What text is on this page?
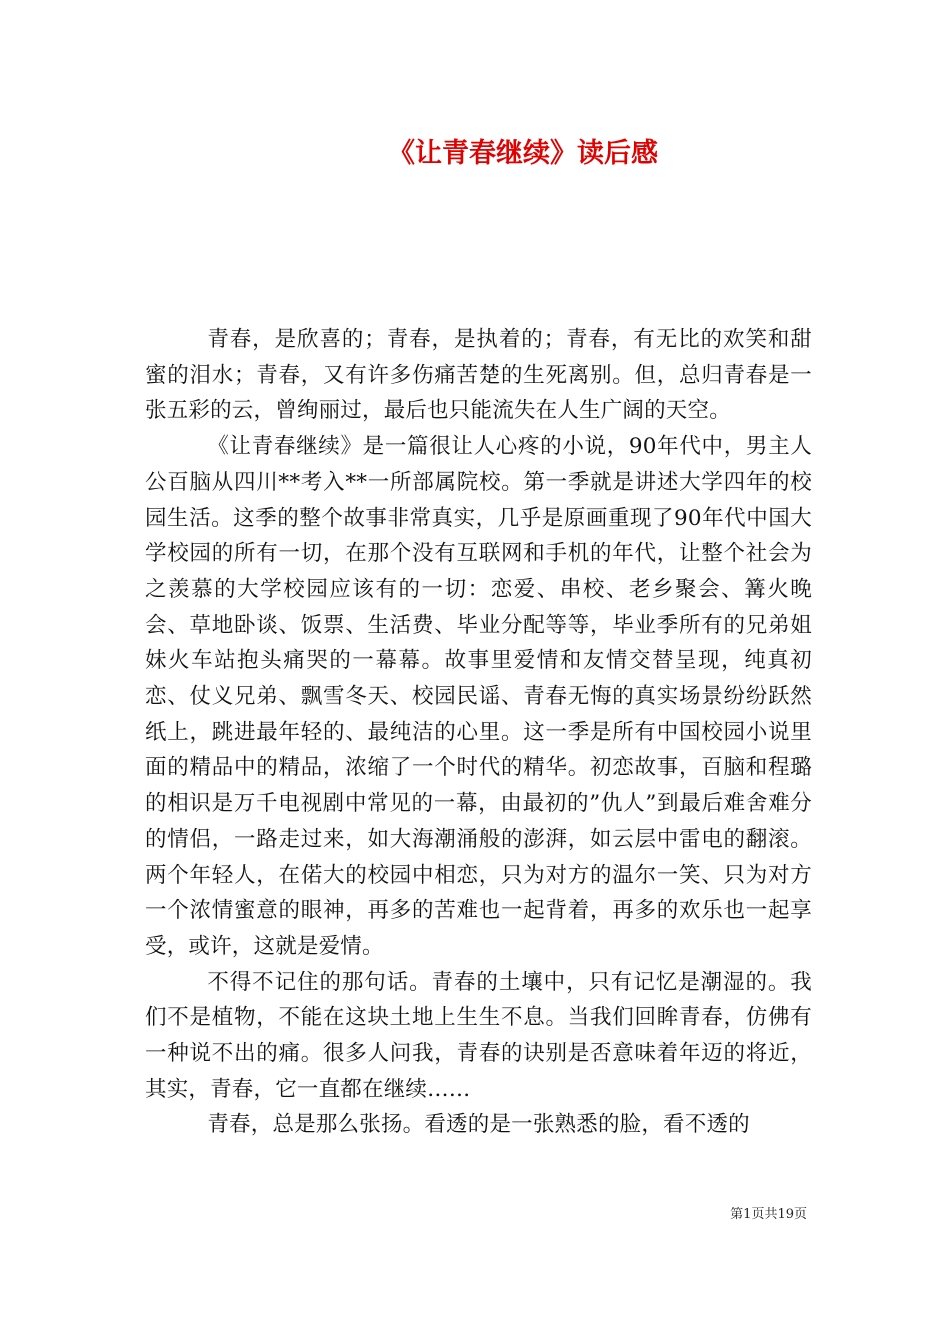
《让青春继续》读后感

青春，是欣喜的；青春，是执着的；青春，有无比的欢笑和甜蜜的泪水；青春，又有许多伤痛苦楚的生死离别。但，总归青春是一张五彩的云，曾绚丽过，最后也只能流失在人生广阔的天空。

《让青春继续》是一篇很让人心疼的小说，90年代中，男主人公百脑从四川**考入**一所部属院校。第一季就是讲述大学四年的校园生活。这季的整个故事非常真实，几乎是原画重现了90年代中国大学校园的所有一切，在那个没有互联网和手机的年代，让整个社会为之羡慕的大学校园应该有的一切：恋爱、串校、老乡聚会、篝火晚会、草地卧谈、饭票、生活费、毕业分配等等，毕业季所有的兄弟姐妹火车站抱头痛哭的一幕幕。故事里爱情和友情交替呈现，纯真初恋、仗义兄弟、飘雪冬天、校园民谣、青春无悔的真实场景纷纷跃然纸上，跳进最年轻的、最纯洁的心里。这一季是所有中国校园小说里面的精品中的精品，浓缩了一个时代的精华。初恋故事，百脑和程璐的相识是万千电视剧中常见的一幕，由最初的”仇人”到最后难舍难分的情侣，一路走过来，如大海潮涌般的澎湃，如云层中雷电的翻滚。两个年轻人，在偌大的校园中相恋，只为对方的温尔一笑、只为对方一个浓情蜜意的眼神，再多的苦难也一起背着，再多的欢乐也一起享受，或许，这就是爱情。

不得不记住的那句话。青春的土壤中，只有记忆是潮湿的。我们不是植物，不能在这块土地上生生不息。当我们回眸青春，仿佛有一种说不出的痛。很多人问我，青春的诀别是否意味着年迈的将近，其实，青春，它一直都在继续……

青春，总是那么张扬。看透的是一张熟悉的脸，看不透的

第1页共19页
